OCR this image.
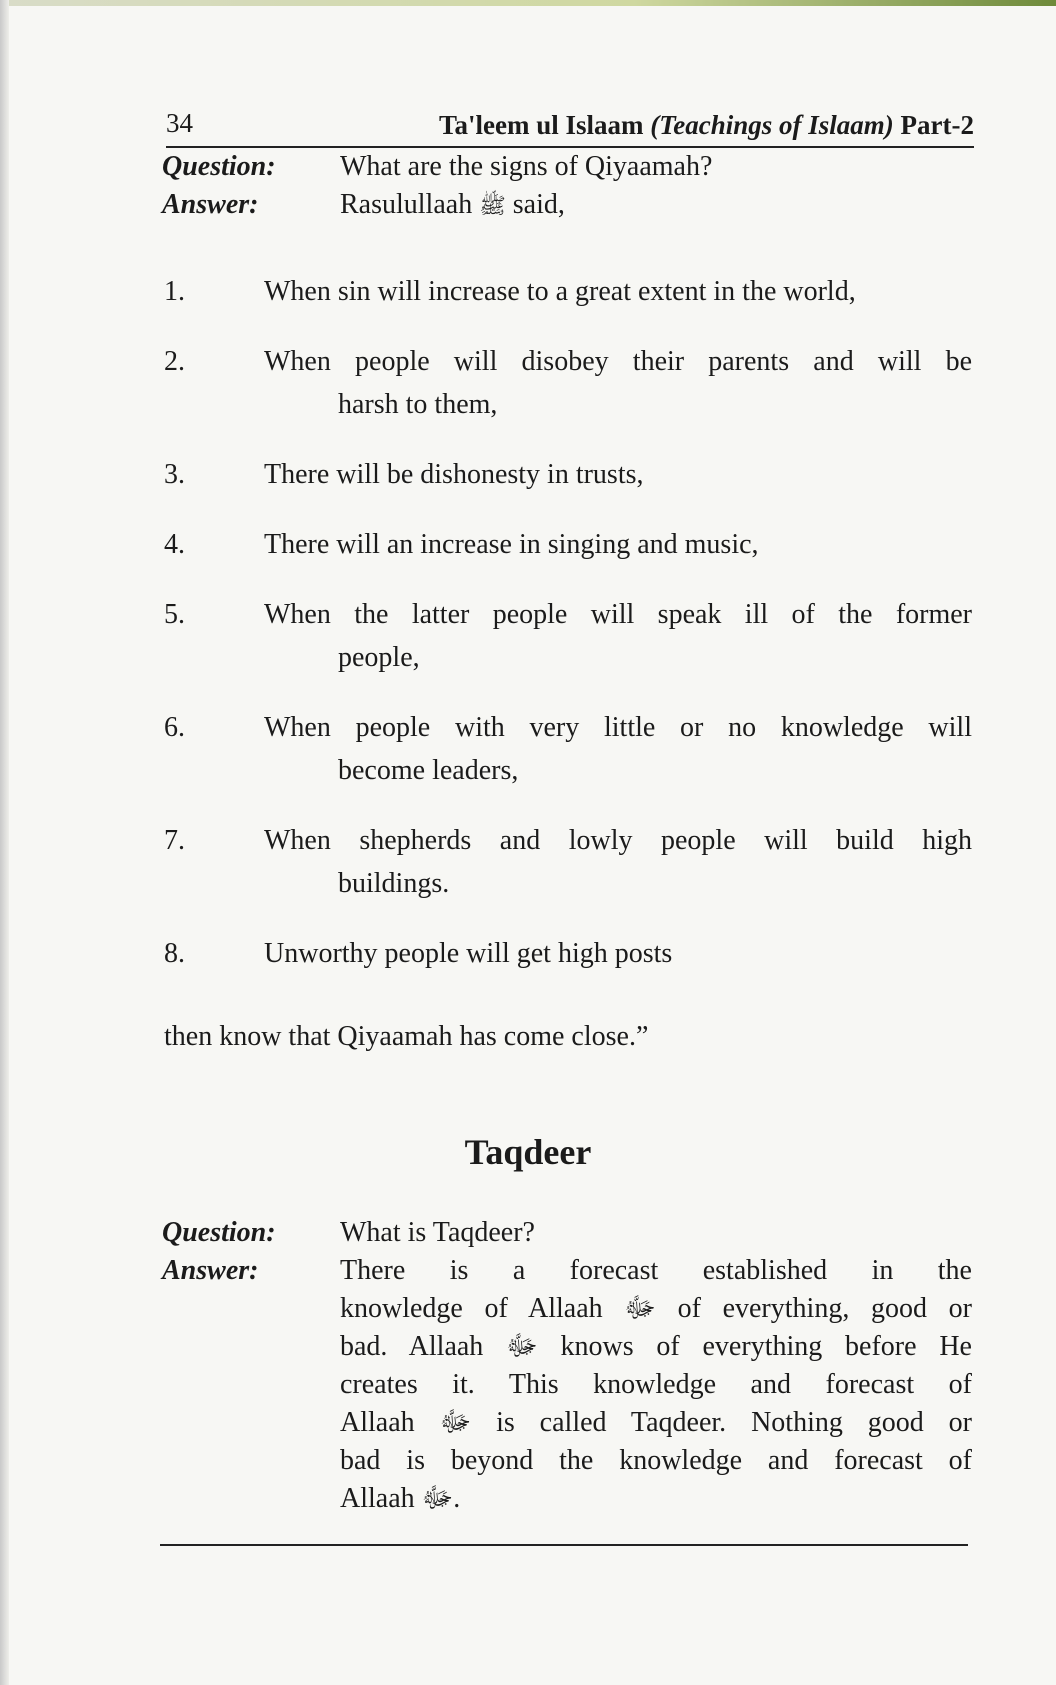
34	Ta'leem ul Islaam (Teachings of Islaam) Part-2
Question: What are the signs of Qiyaamah?
Answer:	Rasulullaah ﷺ said,
1.	When sin will increase to a great extent in the world,
2.	When people will disobey their parents and will be
harsh to them,
3.	There will be dishonesty in trusts,
4.	There will an increase in singing and music,
5.	When the latter people will speak ill of the former
people,
6.	When people with very little or no knowledge will
become leaders,
7.	When shepherds and lowly people will build high
buildings.
8.	Unworthy people will get high posts
then know that Qiyaamah has come close.”
Taqdeer
Question: What is Taqdeer?
Answer:	There is a forecast established in the
knowledge of Allaah ﷻ of everything, good or
bad. Allaah ﷻ knows of everything before He
creates it. This knowledge and forecast of
Allaah ﷻ is called Taqdeer. Nothing good or
bad is beyond the knowledge and forecast of
Allaah ﷻ.
